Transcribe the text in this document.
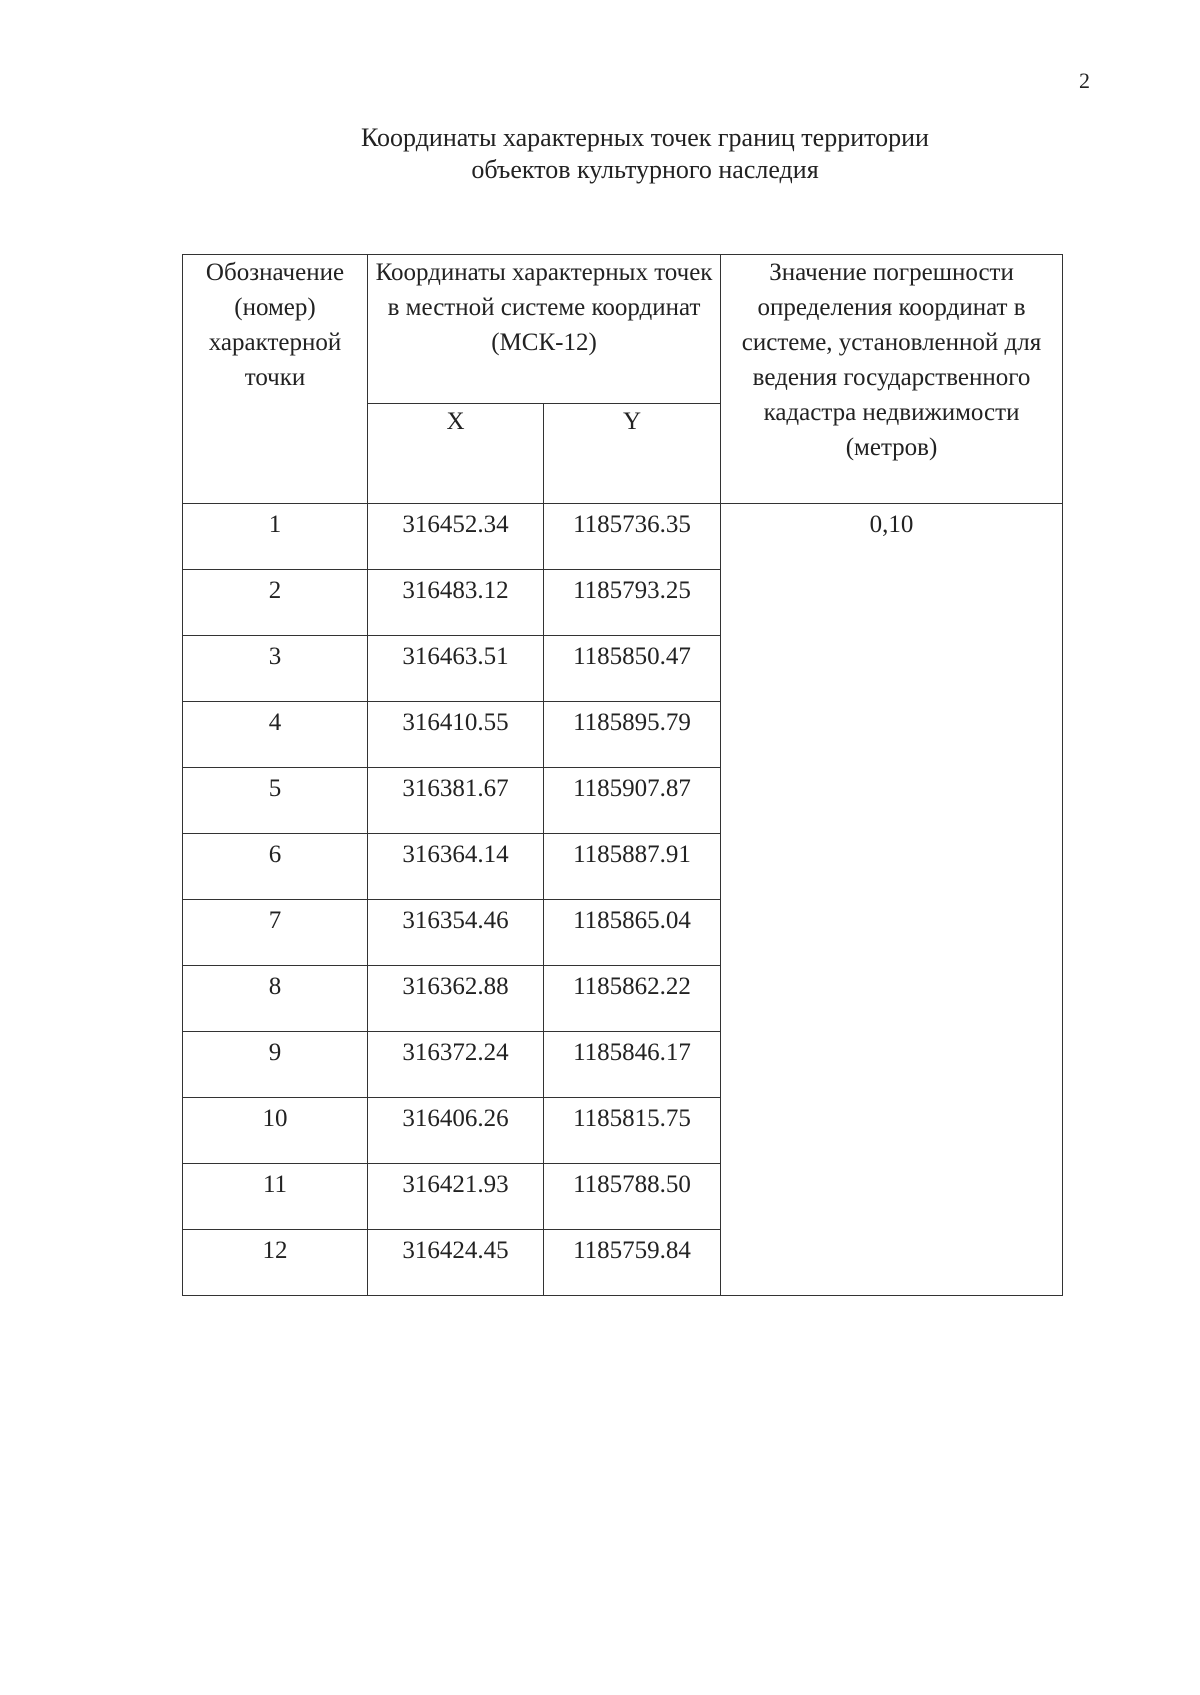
2
Координаты характерных точек границ территории
объектов культурного наследия
Обозначение (номер) характерной точки	Координаты характерных точек в местной системе координат (МСК-12)		Значение погрешности определения координат в системе, установленной для ведения государственного кадастра недвижимости (метров)
	X	Y	
1	316452.34	1185736.35	0,10
2	316483.12	1185793.25	
3	316463.51	1185850.47	
4	316410.55	1185895.79	
5	316381.67	1185907.87	
6	316364.14	1185887.91	
7	316354.46	1185865.04	
8	316362.88	1185862.22	
9	316372.24	1185846.17	
10	316406.26	1185815.75	
11	316421.93	1185788.50	
12	316424.45	1185759.84	
